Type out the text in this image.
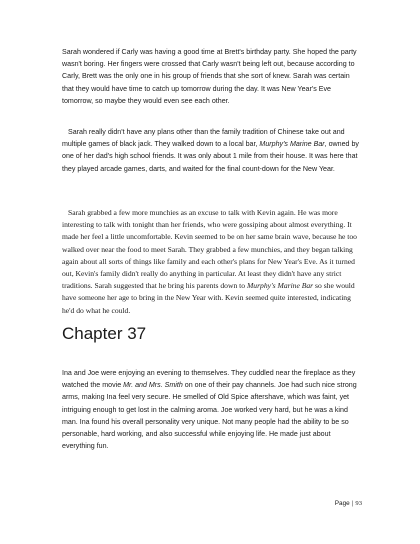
Sarah wondered if Carly was having a good time at Brett's birthday party. She hoped the party wasn't boring. Her fingers were crossed that Carly wasn't being left out, because according to Carly, Brett was the only one in his group of friends that she sort of knew. Sarah was certain that they would have time to catch up tomorrow during the day. It was New Year's Eve tomorrow, so maybe they would even see each other.

Sarah really didn't have any plans other than the family tradition of Chinese take out and multiple games of black jack. They walked down to a local bar, Murphy's Marine Bar, owned by one of her dad's high school friends. It was only about 1 mile from their house. It was here that they played arcade games, darts, and waited for the final count-down for the New Year.

Sarah grabbed a few more munchies as an excuse to talk with Kevin again. He was more interesting to talk with tonight than her friends, who were gossiping about almost everything. It made her feel a little uncomfortable. Kevin seemed to be on her same brain wave, because he too walked over near the food to meet Sarah. They grabbed a few munchies, and they began talking again about all sorts of things like family and each other's plans for New Year's Eve. As it turned out, Kevin's family didn't really do anything in particular. At least they didn't have any strict traditions. Sarah suggested that he bring his parents down to Murphy's Marine Bar so she would have someone her age to bring in the New Year with. Kevin seemed quite interested, indicating he'd do what he could.

Chapter 37

Ina and Joe were enjoying an evening to themselves. They cuddled near the fireplace as they watched the movie Mr. and Mrs. Smith on one of their pay channels. Joe had such nice strong arms, making Ina feel very secure. He smelled of Old Spice aftershave, which was faint, yet intriguing enough to get lost in the calming aroma. Joe worked very hard, but he was a kind man. Ina found his overall personality very unique. Not many people had the ability to be so personable, hard working, and also successful while enjoying life. He made just about everything fun.

Page | 93
